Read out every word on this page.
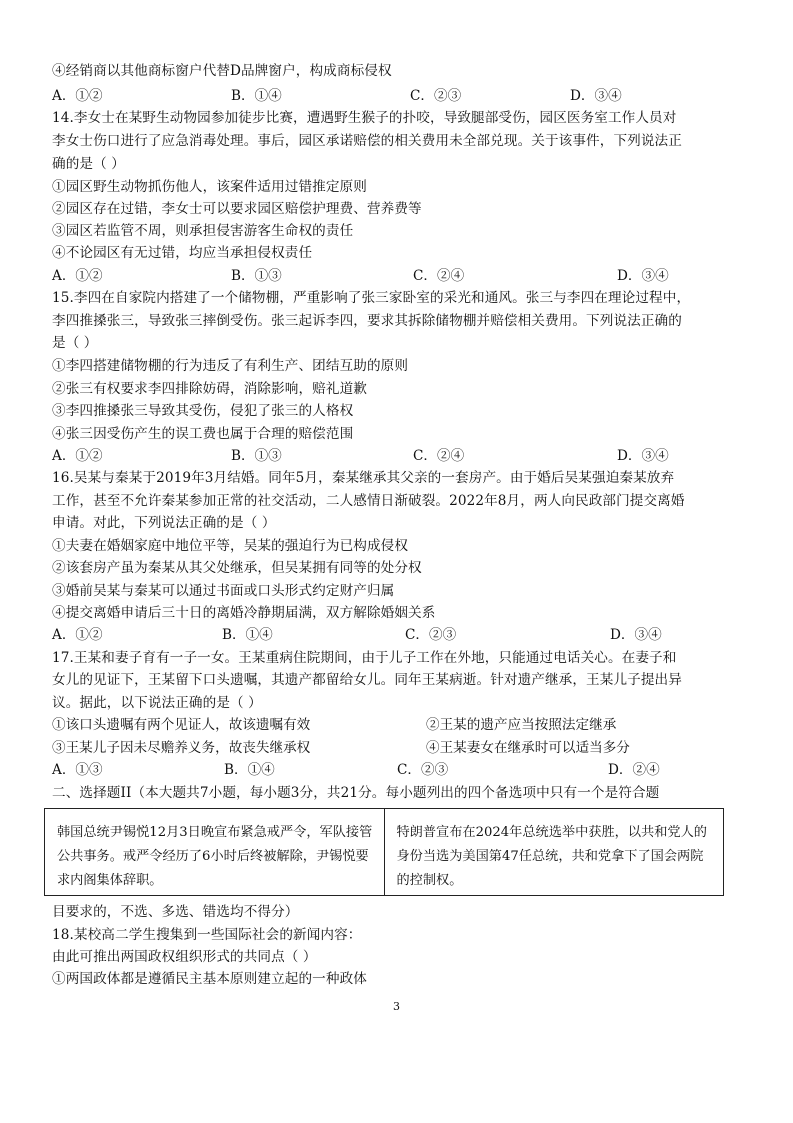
④经销商以其他商标窗户代替D品牌窗户，构成商标侵权
A．①②	B．①④	C．②③	D．③④
14.李女士在某野生动物园参加徒步比赛，遭遇野生猴子的扑咬，导致腿部受伤，园区医务室工作人员对
李女士伤口进行了应急消毒处理。事后，园区承诺赔偿的相关费用未全部兑现。关于该事件，下列说法正
确的是（ ）
①园区野生动物抓伤他人，该案件适用过错推定原则
②园区存在过错，李女士可以要求园区赔偿护理费、营养费等
③园区若监管不周，则承担侵害游客生命权的责任
④不论园区有无过错，均应当承担侵权责任
A．①②	B．①③	C．②④	D．③④
15.李四在自家院内搭建了一个储物棚，严重影响了张三家卧室的采光和通风。张三与李四在理论过程中，
李四推搡张三，导致张三摔倒受伤。张三起诉李四，要求其拆除储物棚并赔偿相关费用。下列说法正确的
是（ ）
①李四搭建储物棚的行为违反了有利生产、团结互助的原则
②张三有权要求李四排除妨碍，消除影响，赔礼道歉
③李四推搡张三导致其受伤，侵犯了张三的人格权
④张三因受伤产生的误工费也属于合理的赔偿范围
A．①②	B．①③	C．②④	D．③④
16.吴某与秦某于2019年3月结婚。同年5月，秦某继承其父亲的一套房产。由于婚后吴某强迫秦某放弃
工作，甚至不允许秦某参加正常的社交活动，二人感情日渐破裂。2022年8月，两人向民政部门提交离婚
申请。对此，下列说法正确的是（ ）
①夫妻在婚姻家庭中地位平等，吴某的强迫行为已构成侵权
②该套房产虽为秦某从其父处继承，但吴某拥有同等的处分权
③婚前吴某与秦某可以通过书面或口头形式约定财产归属
④提交离婚申请后三十日的离婚冷静期届满，双方解除婚姻关系
A．①②	B．①④	C．②③	D．③④
17.王某和妻子育有一子一女。王某重病住院期间，由于儿子工作在外地，只能通过电话关心。在妻子和
女儿的见证下，王某留下口头遗嘱，其遗产都留给女儿。同年王某病逝。针对遗产继承，王某儿子提出异
议。据此，以下说法正确的是（ ）
①该口头遗嘱有两个见证人，故该遗嘱有效	②王某的遗产应当按照法定继承
③王某儿子因未尽赡养义务，故丧失继承权	④王某妻女在继承时可以适当多分
A．①③	B．①④	C．②③	D．②④
二、选择题II（本大题共7小题，每小题3分，共21分。每小题列出的四个备选项中只有一个是符合题
韩国总统尹锡悦12月3日晚宣布紧急戒严令，军队接管公共事务。戒严令经历了6小时后终被解除，尹锡悦要求内阁集体辞职。
特朗普宣布在2024年总统选举中获胜，以共和党人的身份当选为美国第47任总统，共和党拿下了国会两院的控制权。
目要求的，不选、多选、错选均不得分）
18.某校高二学生搜集到一些国际社会的新闻内容：
由此可推出两国政权组织形式的共同点（ ）
①两国政体都是遵循民主基本原则建立起的一种政体
3
